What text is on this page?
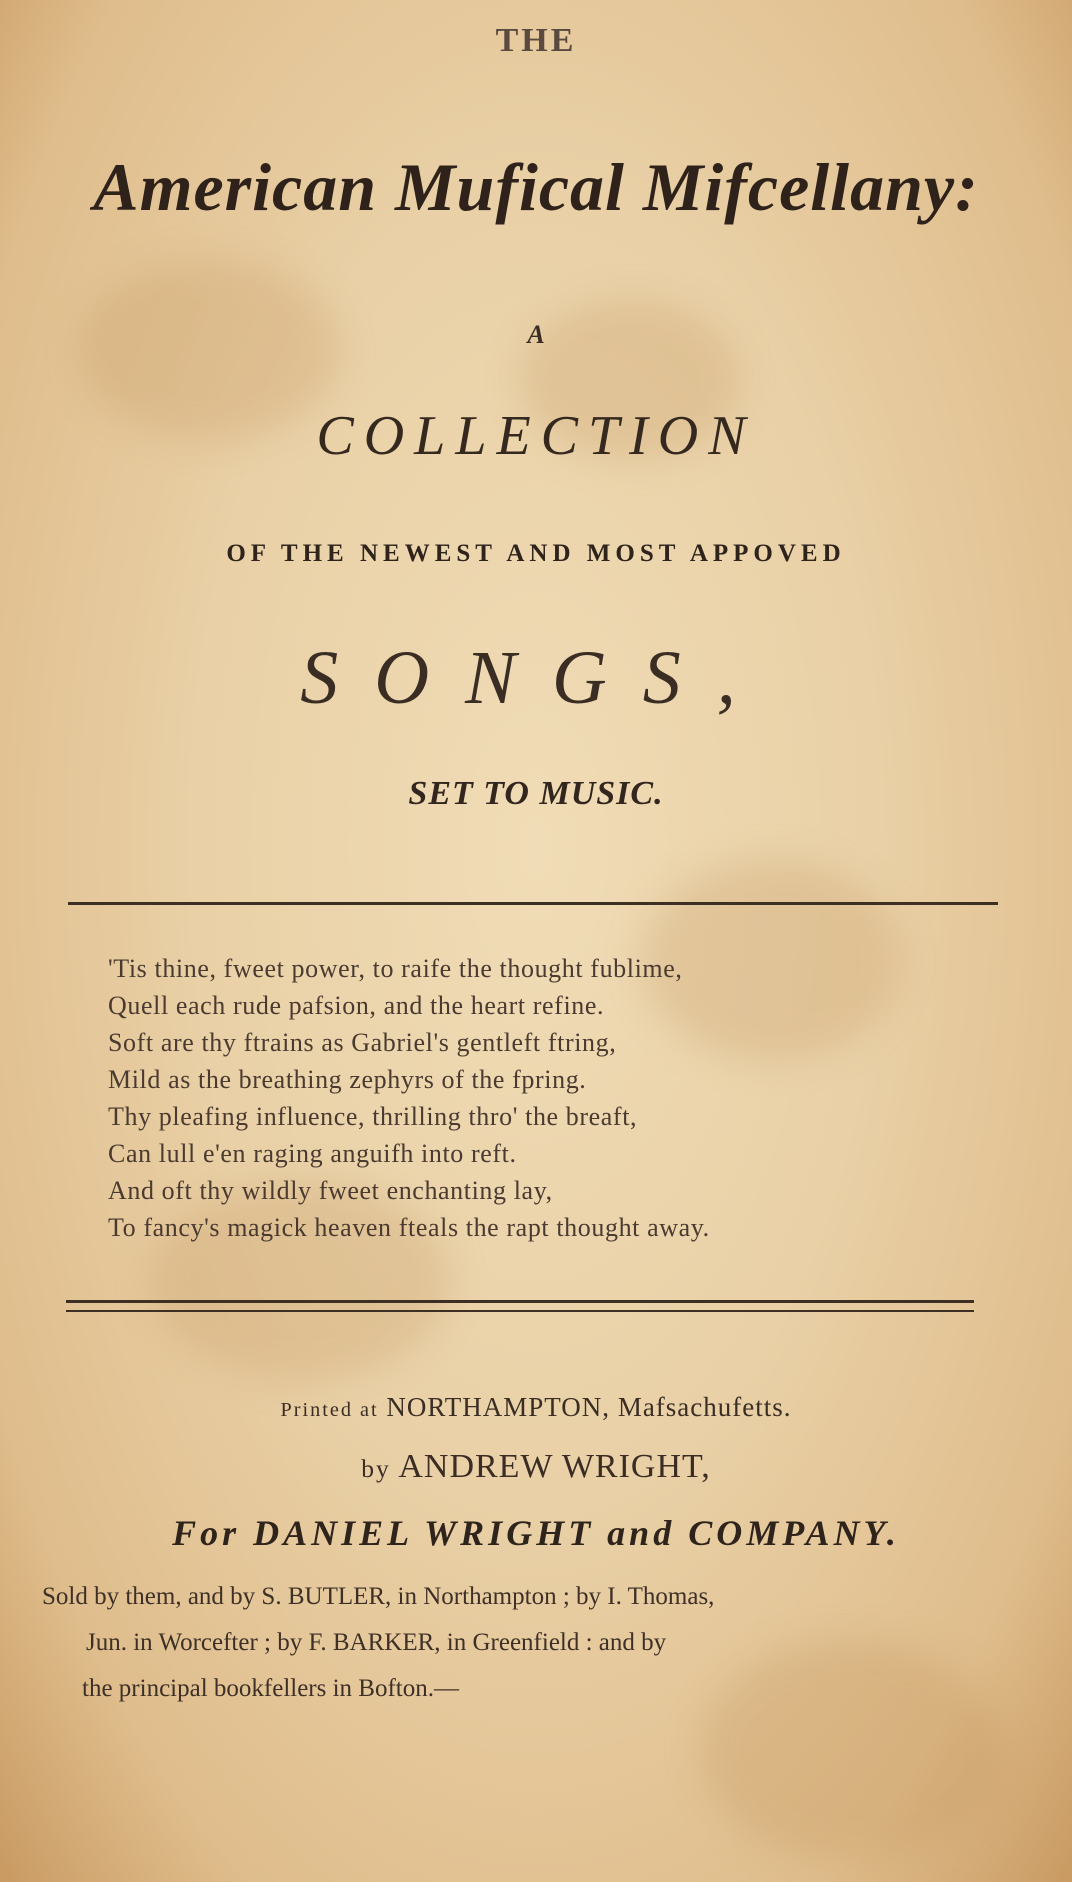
THE
American Mufical Mifcellany:
A
COLLECTION
OF THE NEWEST AND MOST APPOVED
SONGS,
SET TO MUSIC.
'Tis thine, fweet power, to raife the thought fublime,
Quell each rude pafsion, and the heart refine.
Soft are thy ftrains as Gabriel's gentleft ftring,
Mild as the breathing zephyrs of the fpring.
Thy pleafing influence, thrilling thro' the breaft,
Can lull e'en raging anguifh into reft.
And oft thy wildly fweet enchanting lay,
To fancy's magick heaven fteals the rapt thought away.
Printed at NORTHAMPTON, Mafsachufetts.
by ANDREW WRIGHT,
For DANIEL WRIGHT and COMPANY.
Sold by them, and by S. BUTLER, in Northampton ; by I. Thomas,
Jun. in Worcefter ; by F. BARKER, in Greenfield : and by
the principal bookfellers in Bofton.—
